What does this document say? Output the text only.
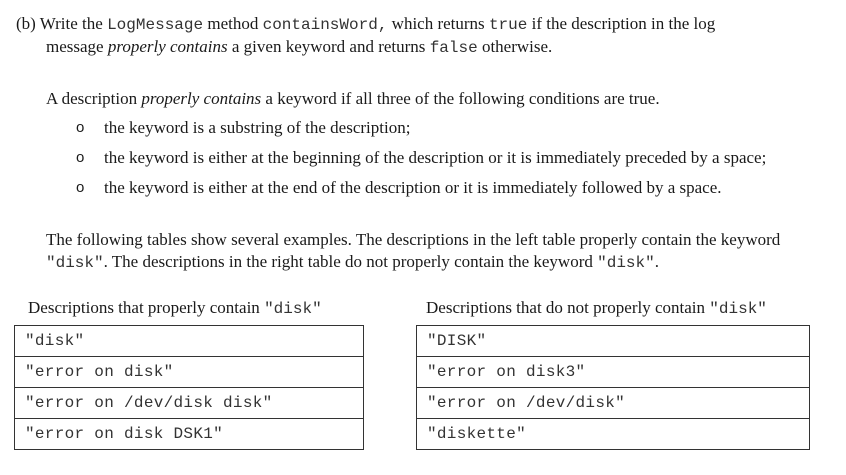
(b) Write the LogMessage method containsWord, which returns true if the description in the log
message properly contains a given keyword and returns false otherwise.
A description properly contains a keyword if all three of the following conditions are true.
o the keyword is a substring of the description;
o the keyword is either at the beginning of the description or it is immediately preceded by a space;
o the keyword is either at the end of the description or it is immediately followed by a space.
The following tables show several examples. The descriptions in the left table properly contain the keyword
"disk". The descriptions in the right table do not properly contain the keyword "disk".
Descriptions that properly contain "disk"
"disk"
"error on disk"
"error on /dev/disk disk"
"error on disk DSK1"
Descriptions that do not properly contain "disk"
"DISK"
"error on disk3"
"error on /dev/disk"
"diskette"
